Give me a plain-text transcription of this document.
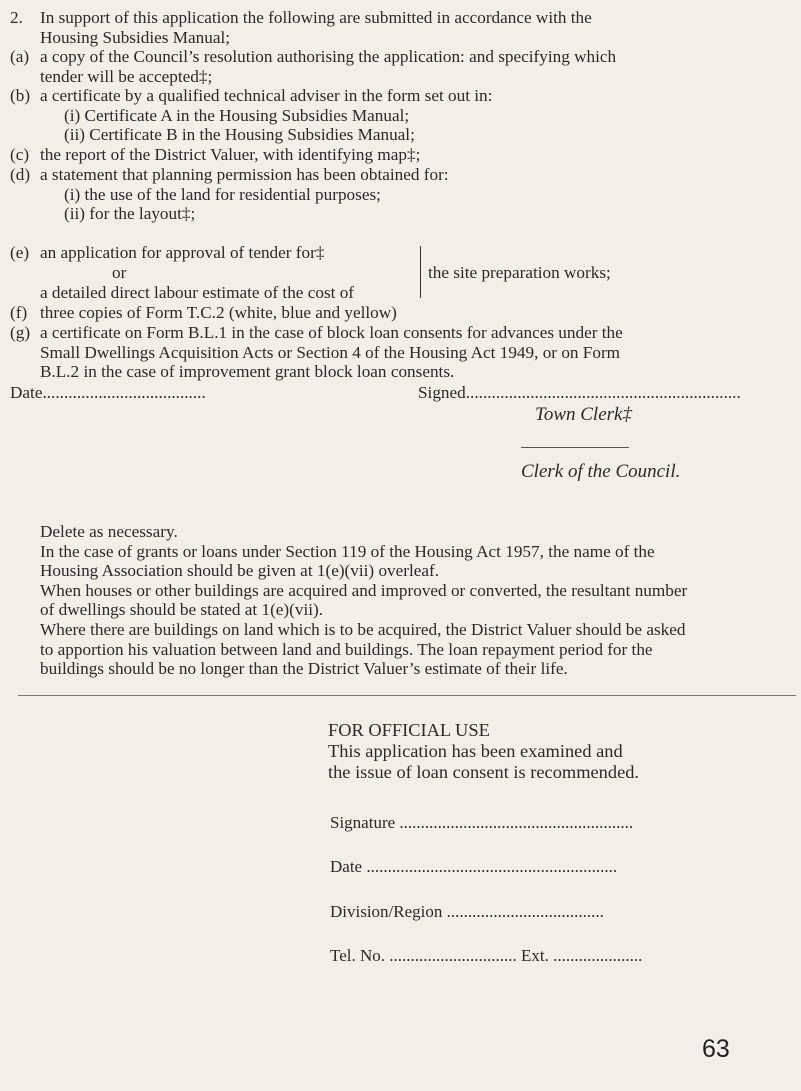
2. In support of this application the following are submitted in accordance with the
Housing Subsidies Manual;
(a) a copy of the Council’s resolution authorising the application: and specifying which
tender will be accepted‡;
(b) a certificate by a qualified technical adviser in the form set out in:
(i) Certificate A in the Housing Subsidies Manual;
(ii) Certificate B in the Housing Subsidies Manual;
(c) the report of the District Valuer, with identifying map‡;
(d) a statement that planning permission has been obtained for:
(i) the use of the land for residential purposes;
(ii) for the layout‡;
(e) an application for approval of tender for‡
or	the site preparation works;
a detailed direct labour estimate of the cost of
(f) three copies of Form T.C.2 (white, blue and yellow)
(g) a certificate on Form B.L.1 in the case of block loan consents for advances under the
Small Dwellings Acquisition Acts or Section 4 of the Housing Act 1949, or on Form
B.L.2 in the case of improvement grant block loan consents.
Date......................................	Signed................................................................
Town Clerk‡
Clerk of the Council.
Delete as necessary.
In the case of grants or loans under Section 119 of the Housing Act 1957, the name of the
Housing Association should be given at 1(e)(vii) overleaf.
When houses or other buildings are acquired and improved or converted, the resultant number
of dwellings should be stated at 1(e)(vii).
Where there are buildings on land which is to be acquired, the District Valuer should be asked
to apportion his valuation between land and buildings. The loan repayment period for the
buildings should be no longer than the District Valuer’s estimate of their life.
FOR OFFICIAL USE
This application has been examined and
the issue of loan consent is recommended.
Signature .......................................................
Date ...........................................................
Division/Region .....................................
Tel. No. .............................. Ext. .....................
63
